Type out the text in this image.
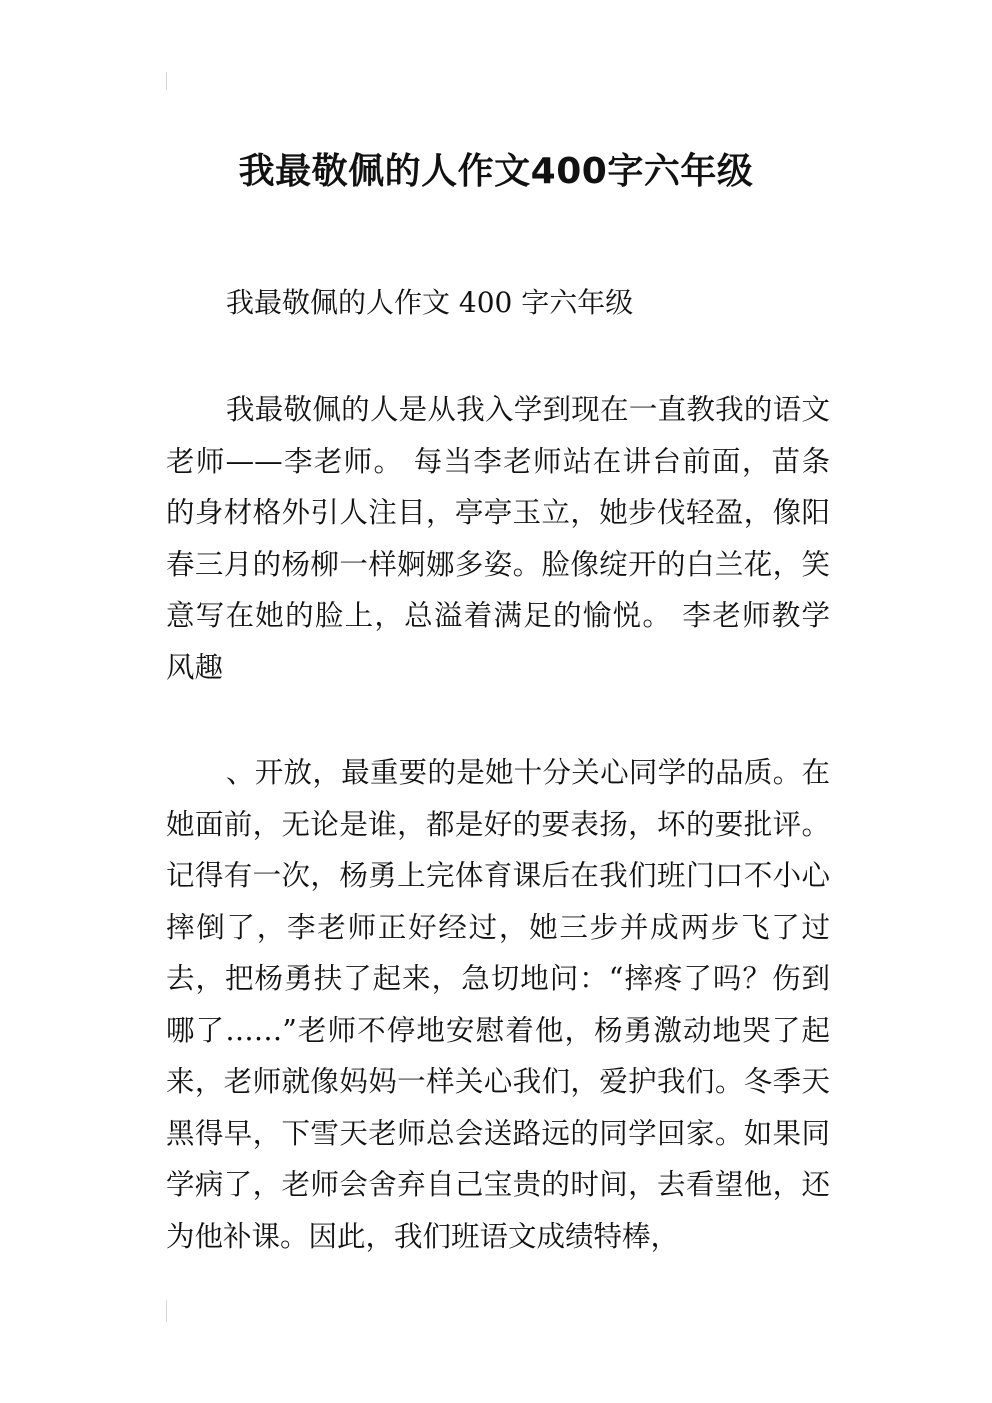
我最敬佩的人作文400字六年级
我最敬佩的人作文 400 字六年级

我最敬佩的人是从我入学到现在一直教我的语文老师——李老师。 每当李老师站在讲台前面，苗条的身材格外引人注目，亭亭玉立，她步伐轻盈，像阳春三月的杨柳一样婀娜多姿。脸像绽开的白兰花，笑意写在她的脸上，总溢着满足的愉悦。 李老师教学风趣

、开放，最重要的是她十分关心同学的品质。在她面前，无论是谁，都是好的要表扬，坏的要批评。记得有一次，杨勇上完体育课后在我们班门口不小心摔倒了，李老师正好经过，她三步并成两步飞了过去，把杨勇扶了起来，急切地问：“摔疼了吗？伤到哪了……”老师不停地安慰着他，杨勇激动地哭了起来，老师就像妈妈一样关心我们，爱护我们。冬季天黑得早，下雪天老师总会送路远的同学回家。如果同学病了，老师会舍弃自己宝贵的时间，去看望他，还为他补课。因此，我们班语文成绩特棒，
